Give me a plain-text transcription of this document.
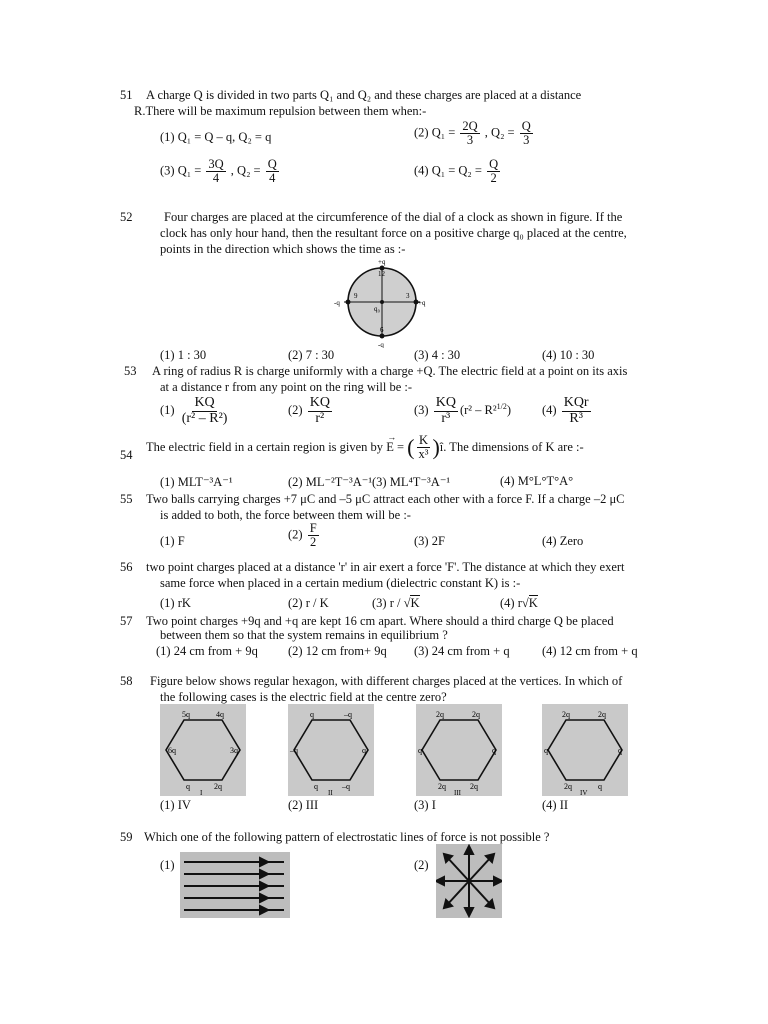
51 A charge Q is divided in two parts Q₁ and Q₂ and these charges are placed at a distance
R.There will be maximum repulsion between them when:-
(1) Q₁ = Q – q, Q₂ = q	(2) $Q_1 = \frac{2Q}{3}$ , $Q_2 = \frac{Q}{3}$
(3) $Q_1 = \frac{3Q}{4}$ , $Q_2 = \frac{Q}{4}$	(4) $Q_1 = Q_2 = \frac{Q}{2}$
52	Four charges are placed at the circumference of the dial of a clock as shown in figure. If the
clock has only hour hand, then the resultant force on a positive charge q₀ placed at the centre,
points in the direction which shows the time as :-
+q
12
-q
9
+q
3
6
-q
q₀
(1) 1 : 30	(2) 7 : 30	(3) 4 : 30	(4) 10 : 30
53 A ring of radius R is charge uniformly with a charge +Q. The electric field at a point on its axis
at a distance r from any point on the ring will be :-
$(1) \frac{KQ}{\text{(r² – R²)}}$	$(2) \frac{KQ}{\text{r²}}$	$(3) \frac{KQ}{\text{r³}} (r^2 - R^2^{1/2})$ $(4) \frac{\text{KQr}}{\text{R³}}$
54
The electric field in a certain region is given by
→
E = ( $\frac{K}{\text{x³}}$ )î. The dimensions of K are :-
(1) MLT⁻³A⁻¹	(2) ML⁻²T⁻³A⁻¹ (3) ML⁴T⁻³A⁻¹	(4) M°L°T°A°
55 Two balls carrying charges +7 μC and –5 μC attract each other with a force F. If a charge –2 μC
is added to both, the force between them will be :-
(1) F	$(2) \frac{F}{2}$	(3) 2F	(4) Zero
56 two point charges placed at a distance 'r' in air exert a force 'F'. The distance at which they exert
same force when placed in a certain medium (dielectric constant K) is :-
(1) rK	(2) r / K	(3) r / √K	(4) r√K
57 Two point charges +9q and +q are kept 16 cm apart. Where should a third charge Q be placed
between them so that the system remains in equilibrium ?
(1) 24 cm from + 9q (2) 12 cm from+ 9q (3) 24 cm from + q	(4) 12 cm from + q
58 Figure below shows regular hexagon, with different charges placed at the vertices. In which of
the following cases is the electric field at the centre zero?
5q	4q
6q	3q
q	2q
I
q	–q
–q	q
q	–q
II
2q	2q
q	q
2q	2q
III
2q	2q
q	q
2q	q
IV
(1) IV	(2) III	(3) I	(4) II
59 Which one of the following pattern of electrostatic lines of force is not possible ?
(1)	(2)
